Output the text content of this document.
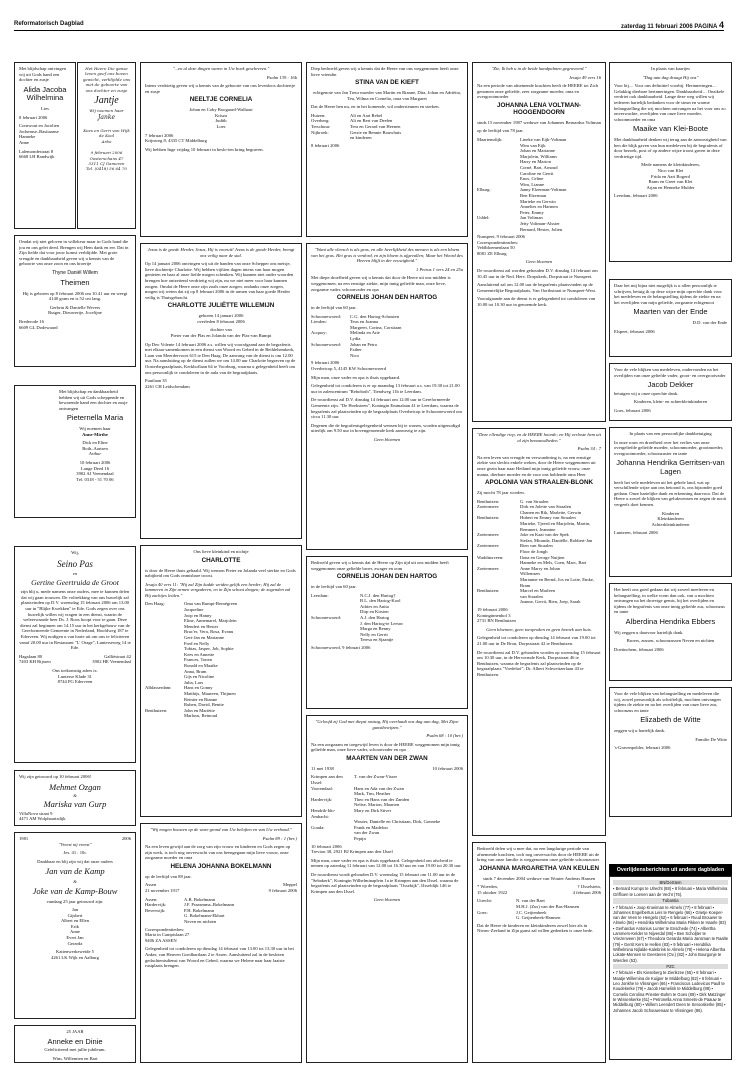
Reformatorisch Dagblad	zaterdag 11 februari 2006 PAGINA 4

Met blijdschap ontvingen wij uit Gods hand een dochter en zusje

Alida Jacoba Wilhelmina

Lies

8 februari 2006

Cornwout en Jacolien
Jochemse–Bastiaanse
Hanneke
Anne

Lalemondestraat 8
6668 LH Randwijk

Het Heere Die ganse leven geef ons boven gewicht, verblijdde ons met de geboorte van ons dochter en zusje
Jantje
Wij noemen haar
Janke
Kees en Gerri van Wijk de Kool
Arbo
9 februari 2006
Oosterschans 47
5311 CJ Gameren
Tel. (0418) 56 64 70

Omdat wij niet geloven in willekeur maar in Gods hand die jou en ons gelei deed. Brengen wij Hem dank en eer. Dat in Zijn liefde dat voor jouw komst verblijdde. Met grote vreugde en dankbaarheid geven wij u kennis van de geboorte van onze zoon en ons broertje

Thyne Daniël Willem
Theimen

Hij is geboren op 8 februari 2006 om 10.41 uur en weegt 4140 gram en is 52 cm lang.

Gerbrin & Danielle Wevers
Rutger, Dieuwertje, Jocelijne

Brederode 16
6609 GL Dodewaard

Met blijdschap en dankbaarheid hebben wij uit Gods scheppende en bewarende hand een dochter en zusje ontvangen

Pieternella Maria

Wij noemen haar
Anne-Mirthe

Dick en Eline
Both–Aartsen
Arthur

10 februari 2006
Lange Deed 16
3902 AJ Veenendaal
Tel. 0318 - 51 70 06

Wij,

Seino Pas
en
Gertine Geertruida de Groot

zijn blij u, mede namens onze ouders, mee te kunnen delen dat wij gaan trouwen. De voltrekking van ons huwelijk zal plaatsvinden op D.V. woensdag 15 februari 2006 om 13.00 uur in "Blijke Kwekken" te Ede. Gods zegen over ons huwelijk willen wij vragen in een dienst, waarin de weleerwaarde heer Ds. J. Roos hoopt voor te gaan. Deze dienst zal beginnen om 14.15 uur in het kerkgebouw van de Gereformeerde Gemeente in Nederland, Hoofdweg 187 te Ederveen. Wij nodigen u van harte uit om ons te feliciteren vanaf 20.00 uur in Restaurant "L' Orage", Lunterseweg 14 te Ede.

Hagalaan 80
7403 KH Rijssen
Galliëstraat 42
3902 HE Veenendaal

Ons toekomstig adres is:
Lunterse Klade 31
8744 PG Ederveen

Wij zijn getrouwd op 10 februari 2006!

Mehmet Ozgan
&
Mariska van Gurp

VillaNova straat 9
4471 AM Wolphaartsdijk

1981	2006

"Vreest nij vreest"

Jes. 41 : 10c

Dankbaar en blij zijn wij dat onze ouders

Jan van de Kamp
&
Joke van de Kamp-Bouw

vandaag 25 jaar getrouwd zijn.

Jan
Gijsbert
Albert en Ellen
Erik
Anne
Evert Jan
Gerarda

Kattenwerkeweide 5
4261 LK Wijk en Aalburg

25 JAAR

Anneke en Dinie

Gefeliciteerd met jullie jubileum.

Wim, Willemien en Bart

"...en al deze dingen waren in Uw boek geschreven."

Psalm 139 : 16b

Intens verdrietig geven wij u kennis van de geboorte van ons levenloos dochtertje en zusje

NEELTJE CORNELIA

Johan en Coby Boogaard-Walhout
Krisza
Judith
Loes

7 februari 2006
Krijnweg 8, 4335 CT Middelburg

Wij hebben Inge vrijdag 10 februari in beslo-ten kring begraven.

Jezus is de goede Herder, Jezus, Hij is vooruit! Jezus is de goede Herder, brengt ons veilig naar de stal.

Op 14 januari 2006 ontvingen wij uit de handen van onze Schepper ons meisje, lieve dochtertje Charlotte. Wij hebben vijftien dagen intens van haar mogen genieten en haar al onze liefde mogen schenken. Wij kunnen niet onder woorden brengen hoe ontzettend verdrietig wij zijn, nu we niet meer voor haar kunnen zorgen. Omdat de Heere onze zijn zoals onze zorgen, ondanks onze zorgen, mogen wij weten dat zij op 8 februari 2006 in de armen van haar goede Herder veilig is Thuisgebracht.

CHARLOTTE JULIËTTE WILLEMIJN

geboren 14 januari 2006
overleden 8 februari 2006

dochter van
Pieter van der Plas en Jolanda van der Plas-van Rumpt

Op Deo Volente 14 februari 2006 a.s. willen wij voorafgaand aan de begrafenis met elkaar samenkomen in een dienst van Woord en Gebed in de Bethlehemkerk, Laan van Meerdervoort 615 te Den Haag. De aanvang van de dienst is om 12.00 uur. Na aansluiting op de dienst zullen we om 14.00 uur Charlotte begraven op de Oosterbegraafplaats, Kerkhoflaan 64 te Voorburg, waarna u gelegenheid heeft om ons persoonlijk te condoleren in de aula van de begraafplaats.

Fuutlaan 35
2261 CH Leidschendam

Ons lieve kleinkind en nichtje

CHARLOTTE

is door de Heere thuis gehaald. Wij wensen Pieter en Jolanda veel sterkte en Gods nabijheid om Gods onmisbare troost.

Jesaja 40 vers 11: "Hij zal Zijn kudde weiden gelijk een herder; Hij zal de lammeren in Zijn armen vergaderen, en in Zijn schoot dragen; de zogenden zal Hij zachtjes leiden."

Den Haag:	Oma van Rumpt-Bernégreen
Jacqueline
Joop en Hanny
Eline, Annemarel, Marjolein
Mendert en Hester
Bruc'er, Vera, Rosa, Evanu
Gert-Jan en Marianne
Fred en Nelly
Tobias, Jasper, Job, Sophie
Kees en Annette
Frances, Tonen
Ronald en Maaike
Anna, Bram
Gijs en Nicoline
Julia, Lars
Alblasserdam:	Hans en Gonny
Matthijs, Maureen, Thijmen
Reinier en Rianne
Ruben, David, Bentte
Benthuizen:	John en Mariëtte
Marlous, Reinoud

"Wij mogen bouwen op de ware grond van Uw beloften en van Uw verbond."

Psalm 89 : 1 (ber.)

Na een leven gewijd aan de zorg van zijn vrouw en kinderen en Gods zegen op zijn werk, is toch nog onverwacht van ons heengegaan mijn lieve vrouw, onze zorgzame moeder en oma

HELENA JOHANNA BOKELMANN

op de leeftijd van 88 jaar.

Assen	Meppel
21 november 1917	9 februari 2006
Assen:	A.B. Bokelmann
Hardervijk:	J.F. Praasmma–Bokelmann
Beverwijk:	P.H. Bokelmann
G. Bokelmann-Ekhart
Neven en nichten

Correspondentiedres:
Maria in Campislaan 27
9406 ZA ASSEN

Gelegenheid tot condoleren op dinsdag 14 februari van 13.00 tot 13.30 uur in het Anker, van Heuven Goedhartlaan 2 te Assen. Aansluitend zal in de besloten gedachtenisdienst van Woord en Gebed, waarna we Helene naar haar laatste rustplaats brengen.

Diep bedroefd geven wij u kennis dat de Heere van ons weggenomen heeft onze lieve vriendin

STINA VAN DE KIEFT

echtgenote van Jan Treur moeder van Martin en Rianne, Dita, Johan en Adriëtta, Teu, Wilma en Cornelia, oma van Margaret

Dat de Heere hen nu, en in het komende, wil ondersteunen en sterken.

Huizen:	Ali en Aart Rebel
Overberg:	Ali en Bert van Deelen
Terschuur:	Tera en Gerard van Heenen
Nijbroek:	Gerrie en Bennie Bouwhuis
en kinderen

8 februari 2006

"Want alle vleesch is als gras, en alle heerlijkheid des mensen is als een bloem van het gras. Het gras is verdord, en zijn bloem is afgevallen; Maar het Woord des Heeren blijft in der eeuwigheid."

1 Petrus 1 vers 24 en 25a

Met diepe droefheid geven wij u kennis dat door de Heere uit ons midden is weggenomen, na een ernstige ziekte, mijn innig geliefde man, onze lieve, zorgzame vader, schoonvader en opa

CORNELIS JOHAN DEN HARTOG

in de leeftijd van 60 jaar.

Schoonrewoerd:	C.G. den Hartog-Schouten
Liesden:	Teus en Joanna
Margreet, Corina, Corstiaan
Acquoy:	Melinda en Arie
Lydia
Schoonrewoerd:	Johan en Petra
Esther
Nico

9 februari 2006
Overheicop 5, 4145 KW Schoonrewoerd

Mijn man, onze vader en opa is thuis opgebaard.

Gelegenheid tot condoleren is er op maandag 13 februari a.s. van 19.30 tot 21.00 uur in zalencentrum "Rehoboth", Tiendweg 11b te Leerdam.

De rouwdienst zal D.V. dinsdag 14 februari om 12.00 uur in Gereformeerde Gemeente zijn. "De Hoeksteen", Koningin Emmalaan 41 te Leerdam, waarna de begrafenis zal plaatsvinden op de begraafplaats Overheicop te Schoonrewoerd om circa 11.30 uur.

Degenen die de begrafenisgelegenheid wensen bij te wonen, worden uitgenodigd uiterlijk om 9.50 uur in bovengenoemde kerk aanwezig te zijn.

Geen bloemen

Bedroefd geven wij u kennis dat de Heere op Zijn tijd uit ons midden heeft weggenomen onze geliefde broer, zwager en oom

CORNELIS JOHAN DEN HARTOG

in de leeftijd van 60 jaar.

Leerdam:	N.C.J. den Hartog†
B.L. den Hartog-Kool
Adries en Anita
Dirp en Kirsten
Schoonrewoerd:	A.J. den Hartog
J. den Hartog-te Leeuw
Marga en Benny
Nelly en Gerrit
Teresa en Sjaantje

Schoonrewoerd, 9 februari 2006

"Geloofd zij God met diepst ontzag, Hij overlaadt ons dag aan dag, Met Zijne gunstbewijzen."

Psalm 68 : 10 (ber.)

Na een zorgzaam en toegewijd leven is door de HEERE weggenomen mijn innig geliefde man, onze lieve vader, schoonvader en opa

MAARTEN VAN DER ZWAN
11 mei 1938	10 februari 2006
Krimpen aan den IJssel:
T. van der Zwan-Visser
Voorendaal:	Hans en Ada van der Zwan
Mark, Tim, Heather
Hardervijk:	Theo en Hans van der Zanden
Nelise, Marion, Maarten
Hendrik-Ido-Ambacht:
Mary en Dirk Stiver
Wouter, Danielle en Christiaan, Dirk, Gonneke
Gouda:	Frank en Madelon
van der Zwan
Pepijn

10 februari 2006
Trevion 38, 2921 BJ Krimpen aan den IJssel

Mijn man, onze vader en opa is thuis opgebaard. Gelegenheid om afscheid te nemen op zaterdag 11 februari van 12.00 tot 16.30 uur en van 19.00 tot 20.30 uur.

De rouwdienst wordt gehouden D.V. woensdag 15 februari om 11.00 uur in de "Sebakerk", Koningin Wilhelminaplein 1a te Krimpen aan den IJssel, waarna de begrafenis zal plaatsvinden op de begraafplaats "Ossekijk", IJsseldijk 146 te Krimpen aan den IJssel.

Geen bloemen

"Zie, Ik heb u in de beide handpalmen gegraveerd."

Jesaja 49 vers 16

Na een periode van afnemende krachten heeft de HEERE tot Zich genomen onze geliefde, zeer zorgzame moeder, oma en overgrootmoeder

JOHANNA LENA VOLTMAN-HOOGENDOORN

sinds 15 november 1987 weduwe van Johannes Bernardus Voltman

op de leeftijd van 78 jaar.

Maartensdijk:	Lineke van Eijk-Voltman
Wim van Eijk
Johan en Marianne
Marjolein, Williams
Harry en Marion
Corné, Bart, Arnoud
Caroline en Gerrit
Enos, Celine
Wim, Lianne
Elburg:	Janny Elzerman-Voltman
Ben Elzerman
Marieke en Gerwin
Annelies en Harmen
Peter, Emmy
Uddel:	Jan Voltman
Jetty Voltman-Alsster
Bernard, Hester, Jolien

Nunspeet, 9 februari 2006
Correspondentieadres:
Veldbloemenlaan 50
8081 ZE Elburg

Geen bloemen

De rouwdienst zal worden gehouden D.V. dinsdag 14 februari om 10.45 uur in de Ned. Herv. Dorpskerk, Dorpstraat te Nunspeet.

Aansluitend zal om 12.00 uur de begrafenis plaatsvinden op de Gemeentelijke Begraafplaats, Van Oorthstraat te Nunspeet-West.

Voorafgaande aan de dienst is er gelegenheid tot condoleren van 10.00 tot 10.30 uur in genoemde kerk.

"Deze ellendige riep, en de HEERE hoorde; en Hij verloste hem uit al zijn benauwdheden."

Psalm 34 : 7

Na een leven van vreugde en verwondering is, na een ernstige ziekte van slechts enkele weken, door de Heere weggenomen uit onze gezin haar naar Heiland mijn innig geliefde vrouw, onze mama, dierbare moeder en de voor ons hoblende oma Heer

APOLONIA VAN STRAALEN-BLONK

Zij mocht 78 jaar worden.

Benthuizen:	G. van Straalen
Zoetermeer:	Dirk en Jolette van Straalen
Chanen en Rik, Marlette, Gerwin
Benthuizen:	Hubert en Emmy van Straalen
Marieke, Tjeerd en Marjolein, Martin, Remmert, Jeannine
Zoetermeer:	Joke en Kaat van der Spek
Stefan, Miranda, Daniëlle, Robbert-Jan
Zoetermeer:	Rien van Straalen
Floor de Jongh
Waddinxveen:	Ilona en George Nuijten
Hanneke en Mels, Coen, Marc, Bart
Zoetermeer:	Anne Marry en Johan
Willemsen
Marianne en Bernd, Jos en Lotte, Emke, Bram
Benthuizen:	Marcel en Marleen
van Straalen
Joanne, Gerrit, Rien, Joep, Sarah

19 februari 2006
Koninginnenhof 3
2731 BN Benthuizen

Geen bloemen, geen toespraken en geen bezoek aan huis.

Gelegenheid tot condoleren op dinsdag 14 februari van 19.00 tot 21.00 uur in De Bron, Dorpsstraat 42 te Benthuizen.

De rouwdienst zal D.V. gehouden worden op woensdag 15 februari om 10.30 uur, in de Hervormde Kerk, Dorpsstraat 46 te Benthuizen, waarna de begrafenis zal plaatsvinden op de begraafplaats "Vredehof", Dr. Albert Schweitzerlaan 43 te Benthuizen.

Bedroefd delen wij u mee dat, na een langdurige periode van afnemende krachten, toch nog onverwachts door de HEERE uit de kring van onze familie is weggenomen onze geliefde schoonzuster

JOHANNA MARGARETHA VAN KEULEN

sinds 7 december 2004 weduwe van Wouter Andreas Hansen

* Woerden,	† IJsselstein,
15 oktober 1922	4 februari 2006
Utrecht:	N. van der Baet
M.H.J. (Zus) van der Bas-Hamsen
Goes:	J.C. Geijtenbeek
G. Geijtenbeek-Hamsen

Dat de Heere de kinderen en kleinkinderen zowel hier als in Nieuw-Zeeland in Zijn gunst zal willen gedenken is onze bede.

In plaats van kaartjes

"Dag aan dag draagt Hij ons"

Voor bij.... Voor ons definitief voorbij. Herinneringen.... Gelukkig dierbare herinneringen. Dankbaarheid.... Onzikele verdriet ook dankbaarheid. Lange deze weg willen wij iedereen hartelijk bedanken voor de steun en warme belangstelling die wij mochten ontvangen na het voor ons zo onverwachte, overlijden van onze lieve moeder, schoonmoeder en oma

Maaike van Klei-Boote

Met dankbaarheid denken wij terug aan de aanwezigheid van hen die blijk gaven van hun medeleven bij de begrafenis of door bezoek, post of op andere wijze troost gaven in deze verdrietige tijd.

Mede namens de kleinkinderen,
Nico van Klei
Frida en Aart Bogerd
Bram en Greet van Klei
Arjan en Henneke Mulder

Leerdam, februari 2006

Daar het mij bijna niet mogelijk is u allen persoonlijk te schrijven, betuig ik op deze wijze mijn oprechte dank voor het medeleven en de belangstelling tijdens de ziekte en na het overlijden van mijn geliefde, zorgzame echtgenoot

Maarten van der Ende

D.D. van der Ende

Elspeet, februari 2006

Voor de vele blijken van medeleven, ondervonden na het overlijden van onze geliefde vader, groot- en overgrootvader

Jacob Dekker

betuigen wij u onze oprechte dank.

Kinderen, klein- en achterkleinkinderen

Goes, februari 2006

In plaats van een persoonlijke dankbetuiging

In onze rouw en droefheid over het verlies van onze overgeliefde geliefde moeder, schoonmoeder, grootmoeder, overgrootmoeder, schoonzuster en tante

Johanna Hendrika Gerritsen-van Lagen

heeft het vele medeleven uit het gehele land, wat op verschillende wijze aan ons betoond is, ons bijzonder goed gedaan. Onze hartelijke dank en erkenning daarvoor. Dat de Heere u zowel de blijken van gelukwensen en zegen de nooit vergeefs doet kennen.

Kinderen
Kleinkinderen
Achterkleinkinderen

Lunteren, februari 2006

Het heeft ons goed gedaan dat wij zoveel meeleven en belangstelling, in welke vorm dan ook, van u mochten ontvangen na het droevige gemis, bij het overlijden en tijdens de begrafenis van onze innig geliefde zus, schoonzus en tante

Alberdina Hendrika Ebbers

Wij zeggen u daarvoor hartelijk dank.

Broers, zussen, schoonzussen Neven en nichten

Doetinchem, februari 2006

Voor de vele blijken van belangstelling en medeleven die wij, zowel persoonlijk als schriftelijk, mochten ontvangen tijdens de ziekte en na het overlijden van onze lieve zus, schoonzus en tante

Elizabeth de Witte

zeggen wij u hartelijk dank.

Familie De Witte

's-Gravenpolder, februari 2006

Overlijdensberichten uit andere dagbladen
BN/DeStem
▪ Bernard Komps te Ulrecht (88) ▪ 8 februari ▪ Maria Wilhelmina Griffioen te Loenen aan de Vecht (76).
Tubantia
▪ 7 februari ▪ Joop Kroeiman te Almelo (77) ▪ 8 februari ▪ Johannes Engelbertus Leis te Rengelo (66) ▪ Grietje Koeper-van der Veen te Hengelo (62) ▪ 6 februari ▪ Ruud Brouwer te Almelo (56) ▪ Hendrika Wilhelmina Maria Fikken te Haarle (83) ▪ Gerhardus Antonius Lunter te Enschede (74) ▪ Albertha Lammers-Kelder te Nijverdal (86) ▪ Ben Scholjter te Vriezenveen (67) ▪ Theodora Gerarda Maria Jansman te Raalte (79) ▪ Gerrit Kers te Hellen (83) ▪ 9 februari ▪ Hendrika Wilhelmina Nijlalde-Kalebrink te Almelo (78) ▪ Helena Albertha Lokate-Mensen te Geesteren (Ov.) (82) ▪ John Bourgonje te Wierden (53).
PZC
▪ 7 februari ▪ Els Kieseberg te Zierikzee (55) ▪ 8 februari ▪ Maatje Willemina de Kuijper te Middelburg (82) ▪ 6 februari ▪ Leo Jonkhe te Vlissingen (66) ▪ Franciscus Lodevicus Paull te Koudekerke (79) ▪ Jacob Hamelink te Middelburg (88) ▪ Cornelis Cerolina Priester-Buhm te Goes (89) ▪ Dirk Matzinger te Wissenkerke (61) ▪ Petronella Anna Smeets-de Paauw te Middelburg (80) ▪ Willem Leendert Deen te Serooskerke (85) ▪ Johannes Jacob Schouwenaar te Vlissingen (86).
